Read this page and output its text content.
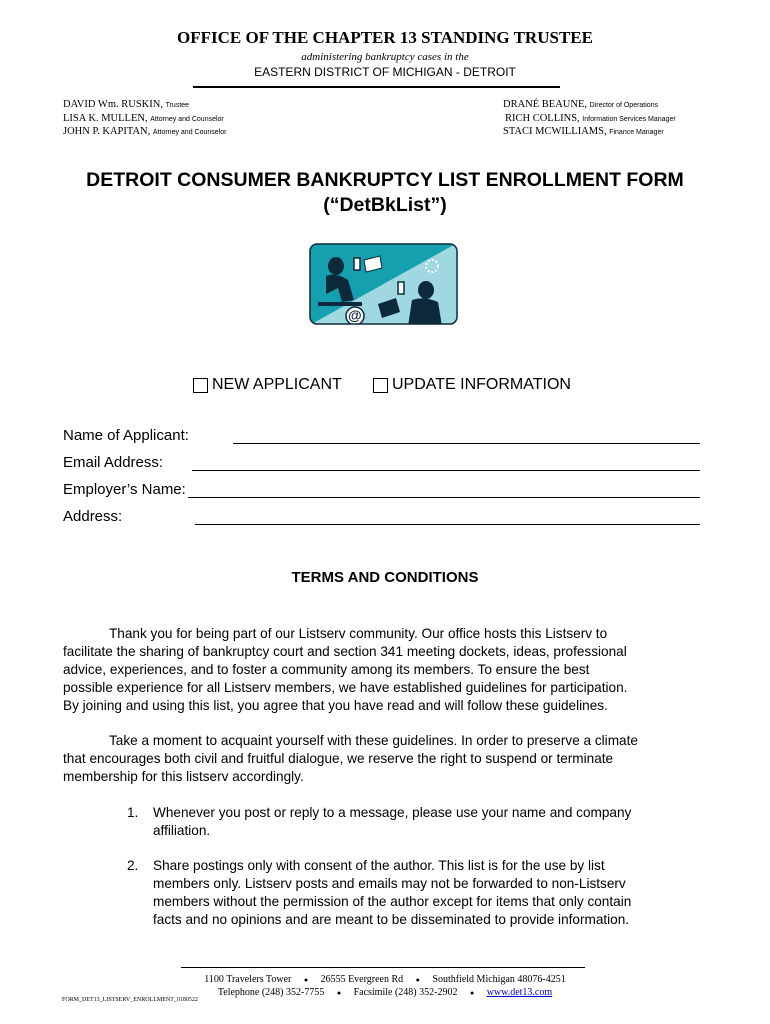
OFFICE OF THE CHAPTER 13 STANDING TRUSTEE
administering bankruptcy cases in the
EASTERN DISTRICT OF MICHIGAN - DETROIT
DAVID Wm. RUSKIN, Trustee
LISA K. MULLEN, Attorney and Counselor
JOHN P. KAPITAN, Attorney and Counselor
DRANÉ BEAUNE, Director of Operations
RICH COLLINS, Information Services Manager
STACI MCWILLIAMS, Finance Manager
DETROIT CONSUMER BANKRUPTCY LIST ENROLLMENT FORM
(“DetBkList”)
@
NEW APPLICANT	UPDATE INFORMATION
Name of Applicant:
Email Address:
Employer’s Name:
Address:
TERMS AND CONDITIONS
Thank you for being part of our Listserv community. Our office hosts this Listserv to
facilitate the sharing of bankruptcy court and section 341 meeting dockets, ideas, professional
advice, experiences, and to foster a community among its members. To ensure the best
possible experience for all Listserv members, we have established guidelines for participation.
By joining and using this list, you agree that you have read and will follow these guidelines.
Take a moment to acquaint yourself with these guidelines. In order to preserve a climate
that encourages both civil and fruitful dialogue, we reserve the right to suspend or terminate
membership for this listserv accordingly.
1. Whenever you post or reply to a message, please use your name and company
affiliation.
2. Share postings only with consent of the author. This list is for the use by list
members only. Listserv posts and emails may not be forwarded to non-Listserv
members without the permission of the author except for items that only contain
facts and no opinions and are meant to be disseminated to provide information.
1100 Travelers Tower ● 26555 Evergreen Rd ● Southfield Michigan 48076-4251
Telephone (248) 352-7755 ● Facsimile (248) 352-2902 ● www.det13.com
FORM_DET13_LISTSERV_ENROLLMENT_0180522
